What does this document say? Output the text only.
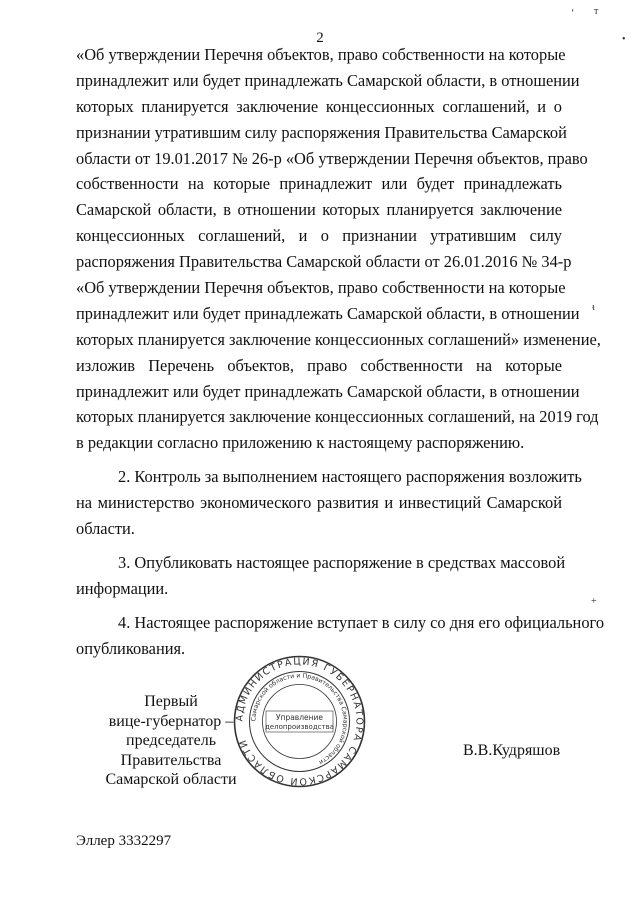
2
т
‘
•
ᵼ
+
«Об утверждении Перечня объектов, право собственности на которые
принадлежит или будет принадлежать Самарской области, в отношении
которых планируется заключение концессионных соглашений, и о
признании утратившим силу распоряжения Правительства Самарской
области от 19.01.2017 № 26-р «Об утверждении Перечня объектов, право
собственности на которые принадлежит или будет принадлежать
Самарской области, в отношении которых планируется заключение
концессионных соглашений, и о признании утратившим силу
распоряжения Правительства Самарской области от 26.01.2016 № 34-р
«Об утверждении Перечня объектов, право собственности на которые
принадлежит или будет принадлежать Самарской области, в отношении
которых планируется заключение концессионных соглашений» изменение,
изложив Перечень объектов, право собственности на которые
принадлежит или будет принадлежать Самарской области, в отношении
которых планируется заключение концессионных соглашений, на 2019 год
в редакции согласно приложению к настоящему распоряжению.
2. Контроль за выполнением настоящего распоряжения возложить
на министерство экономического развития и инвестиций Самарской
области.
3. Опубликовать настоящее распоряжение в средствах массовой
информации.
4. Настоящее распоряжение вступает в силу со дня его официального
опубликования.
АДМИНИСТРАЦИЯ ГУБЕРНАТОРА САМАРСКОЙ ОБЛАСТИ
Самарской области и Правительства Самарской области
Управление
делопроизводства
Первый
вице-губернатор –
председатель Правительства
Самарской области
В.В.Кудряшов
Эллер 3332297
